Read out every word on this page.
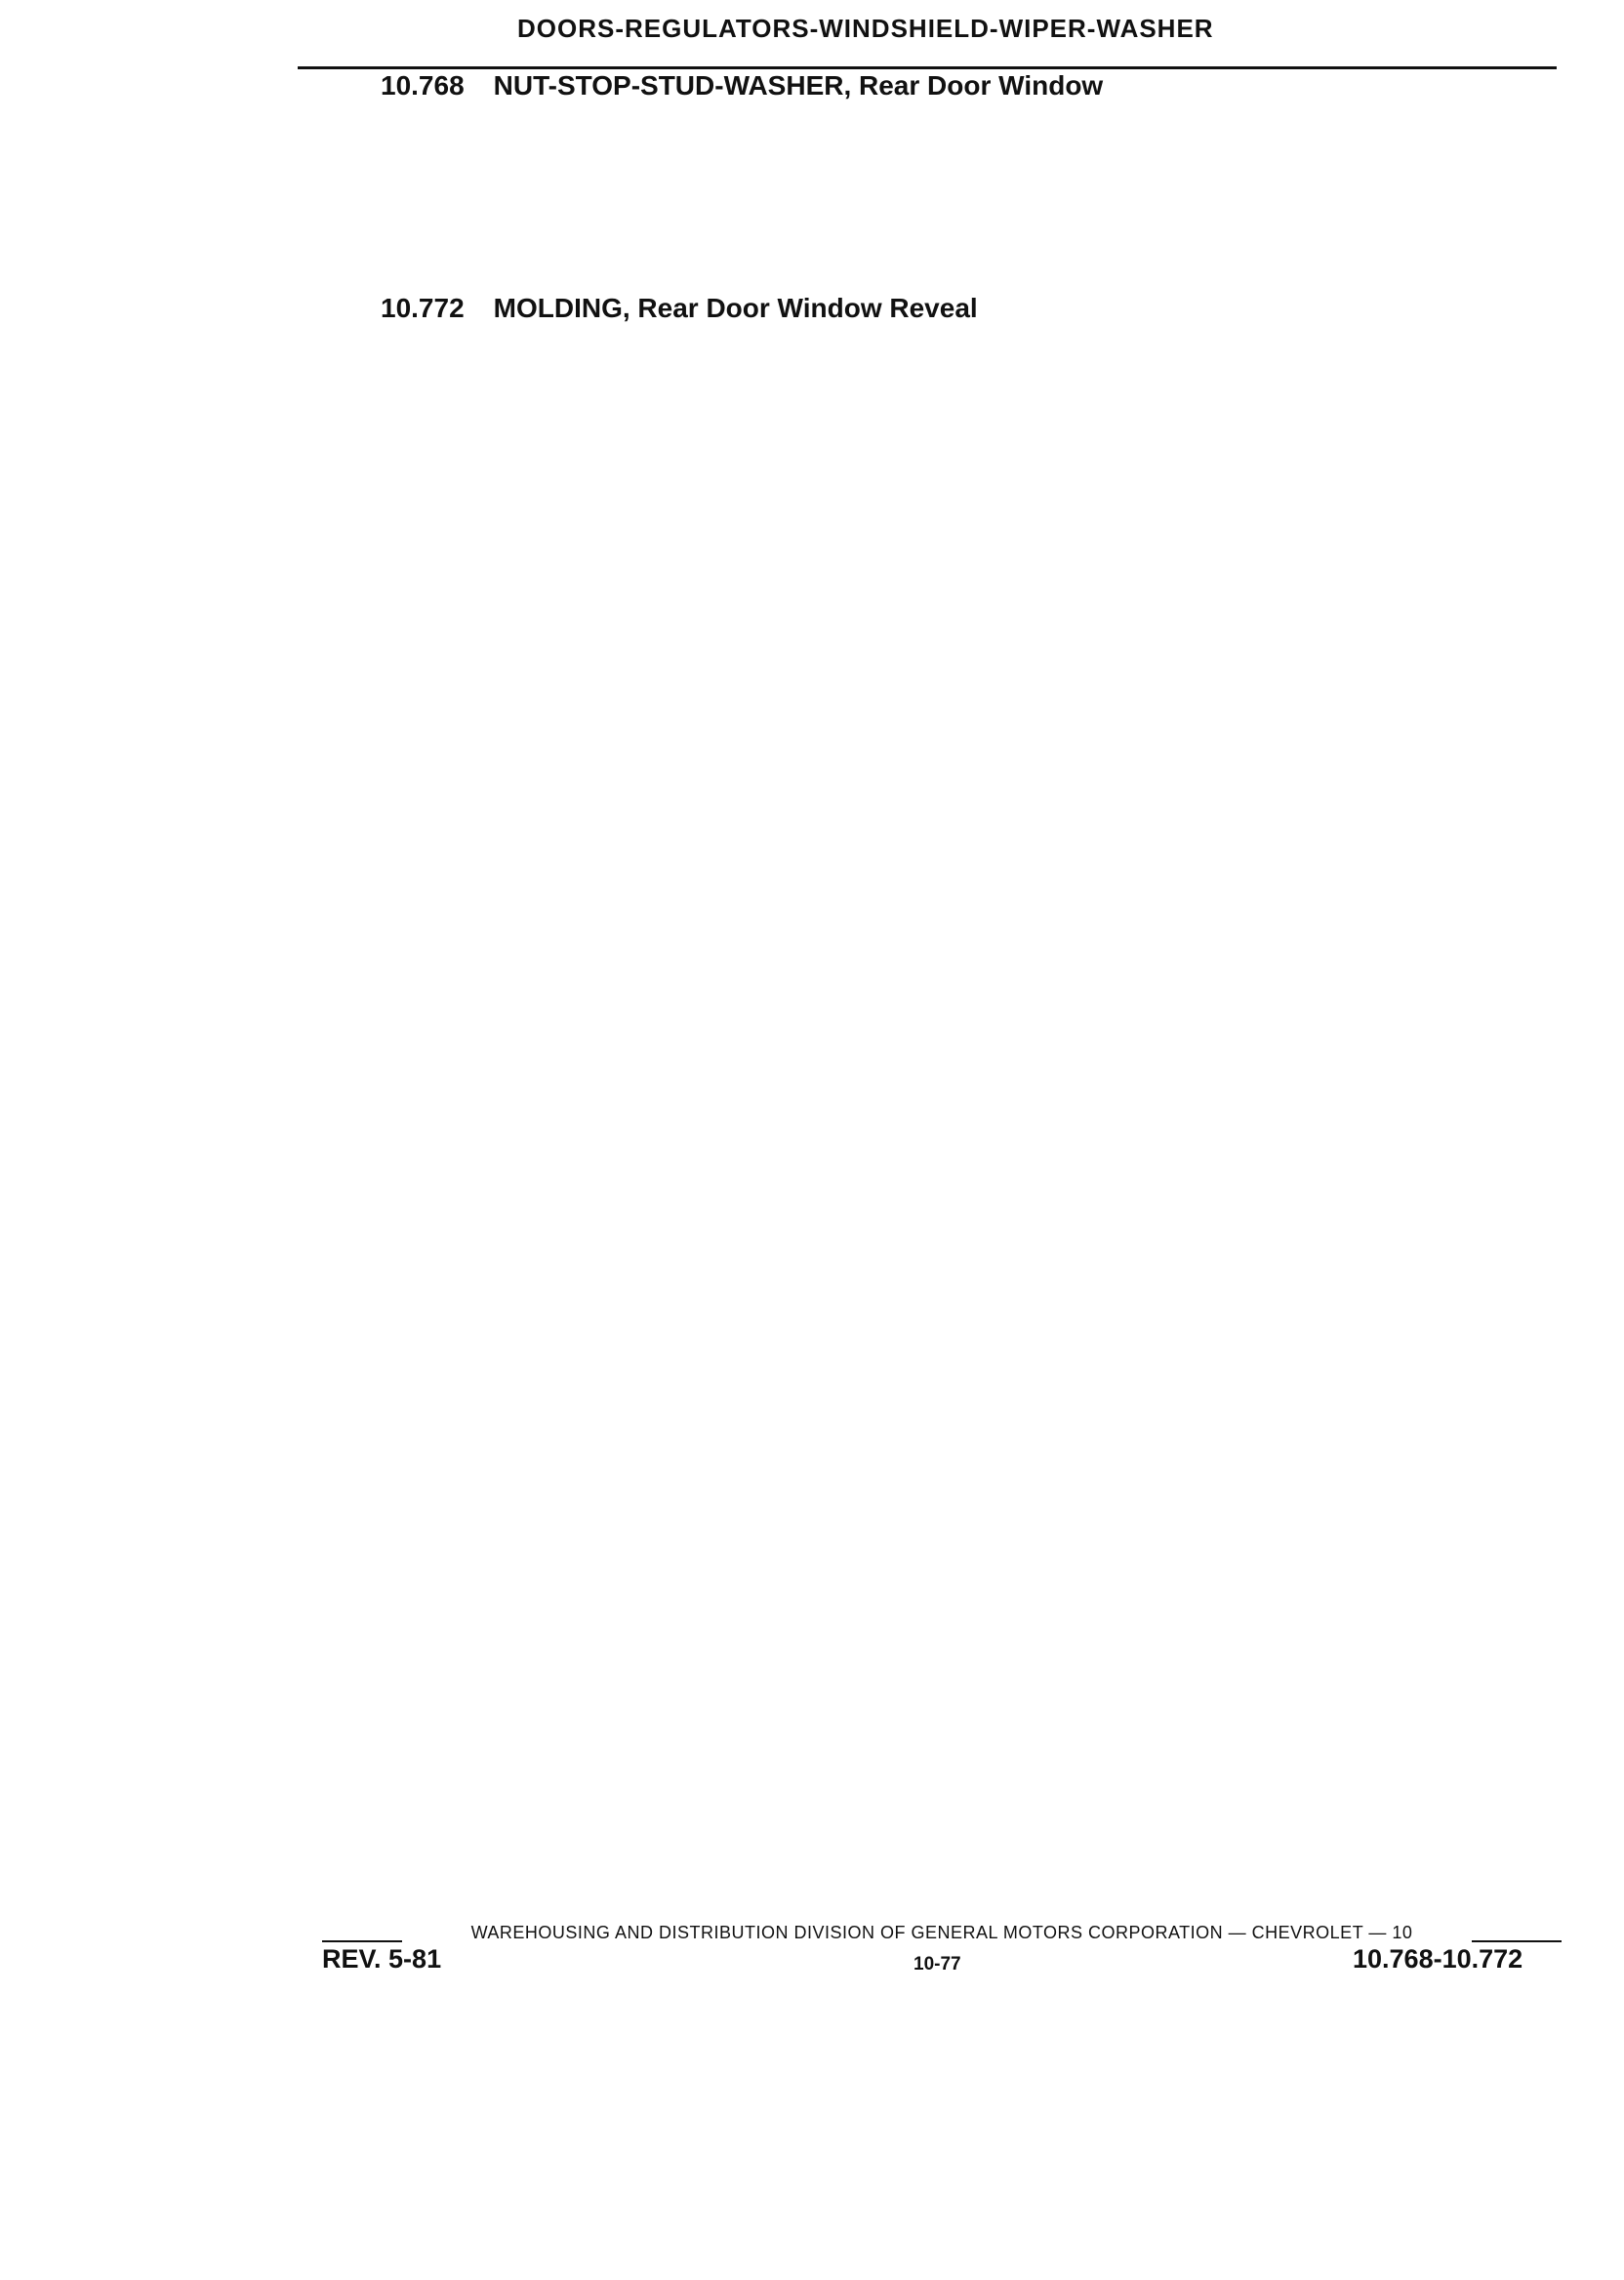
DOORS-REGULATORS-WINDSHIELD-WIPER-WASHER
10.768 NUT-STOP-STUD-WASHER, Rear Door Window
10.772 MOLDING, Rear Door Window Reveal
WAREHOUSING AND DISTRIBUTION DIVISION OF GENERAL MOTORS CORPORATION — CHEVROLET — 10
REV. 5-81	10-77	10.768-10.772
